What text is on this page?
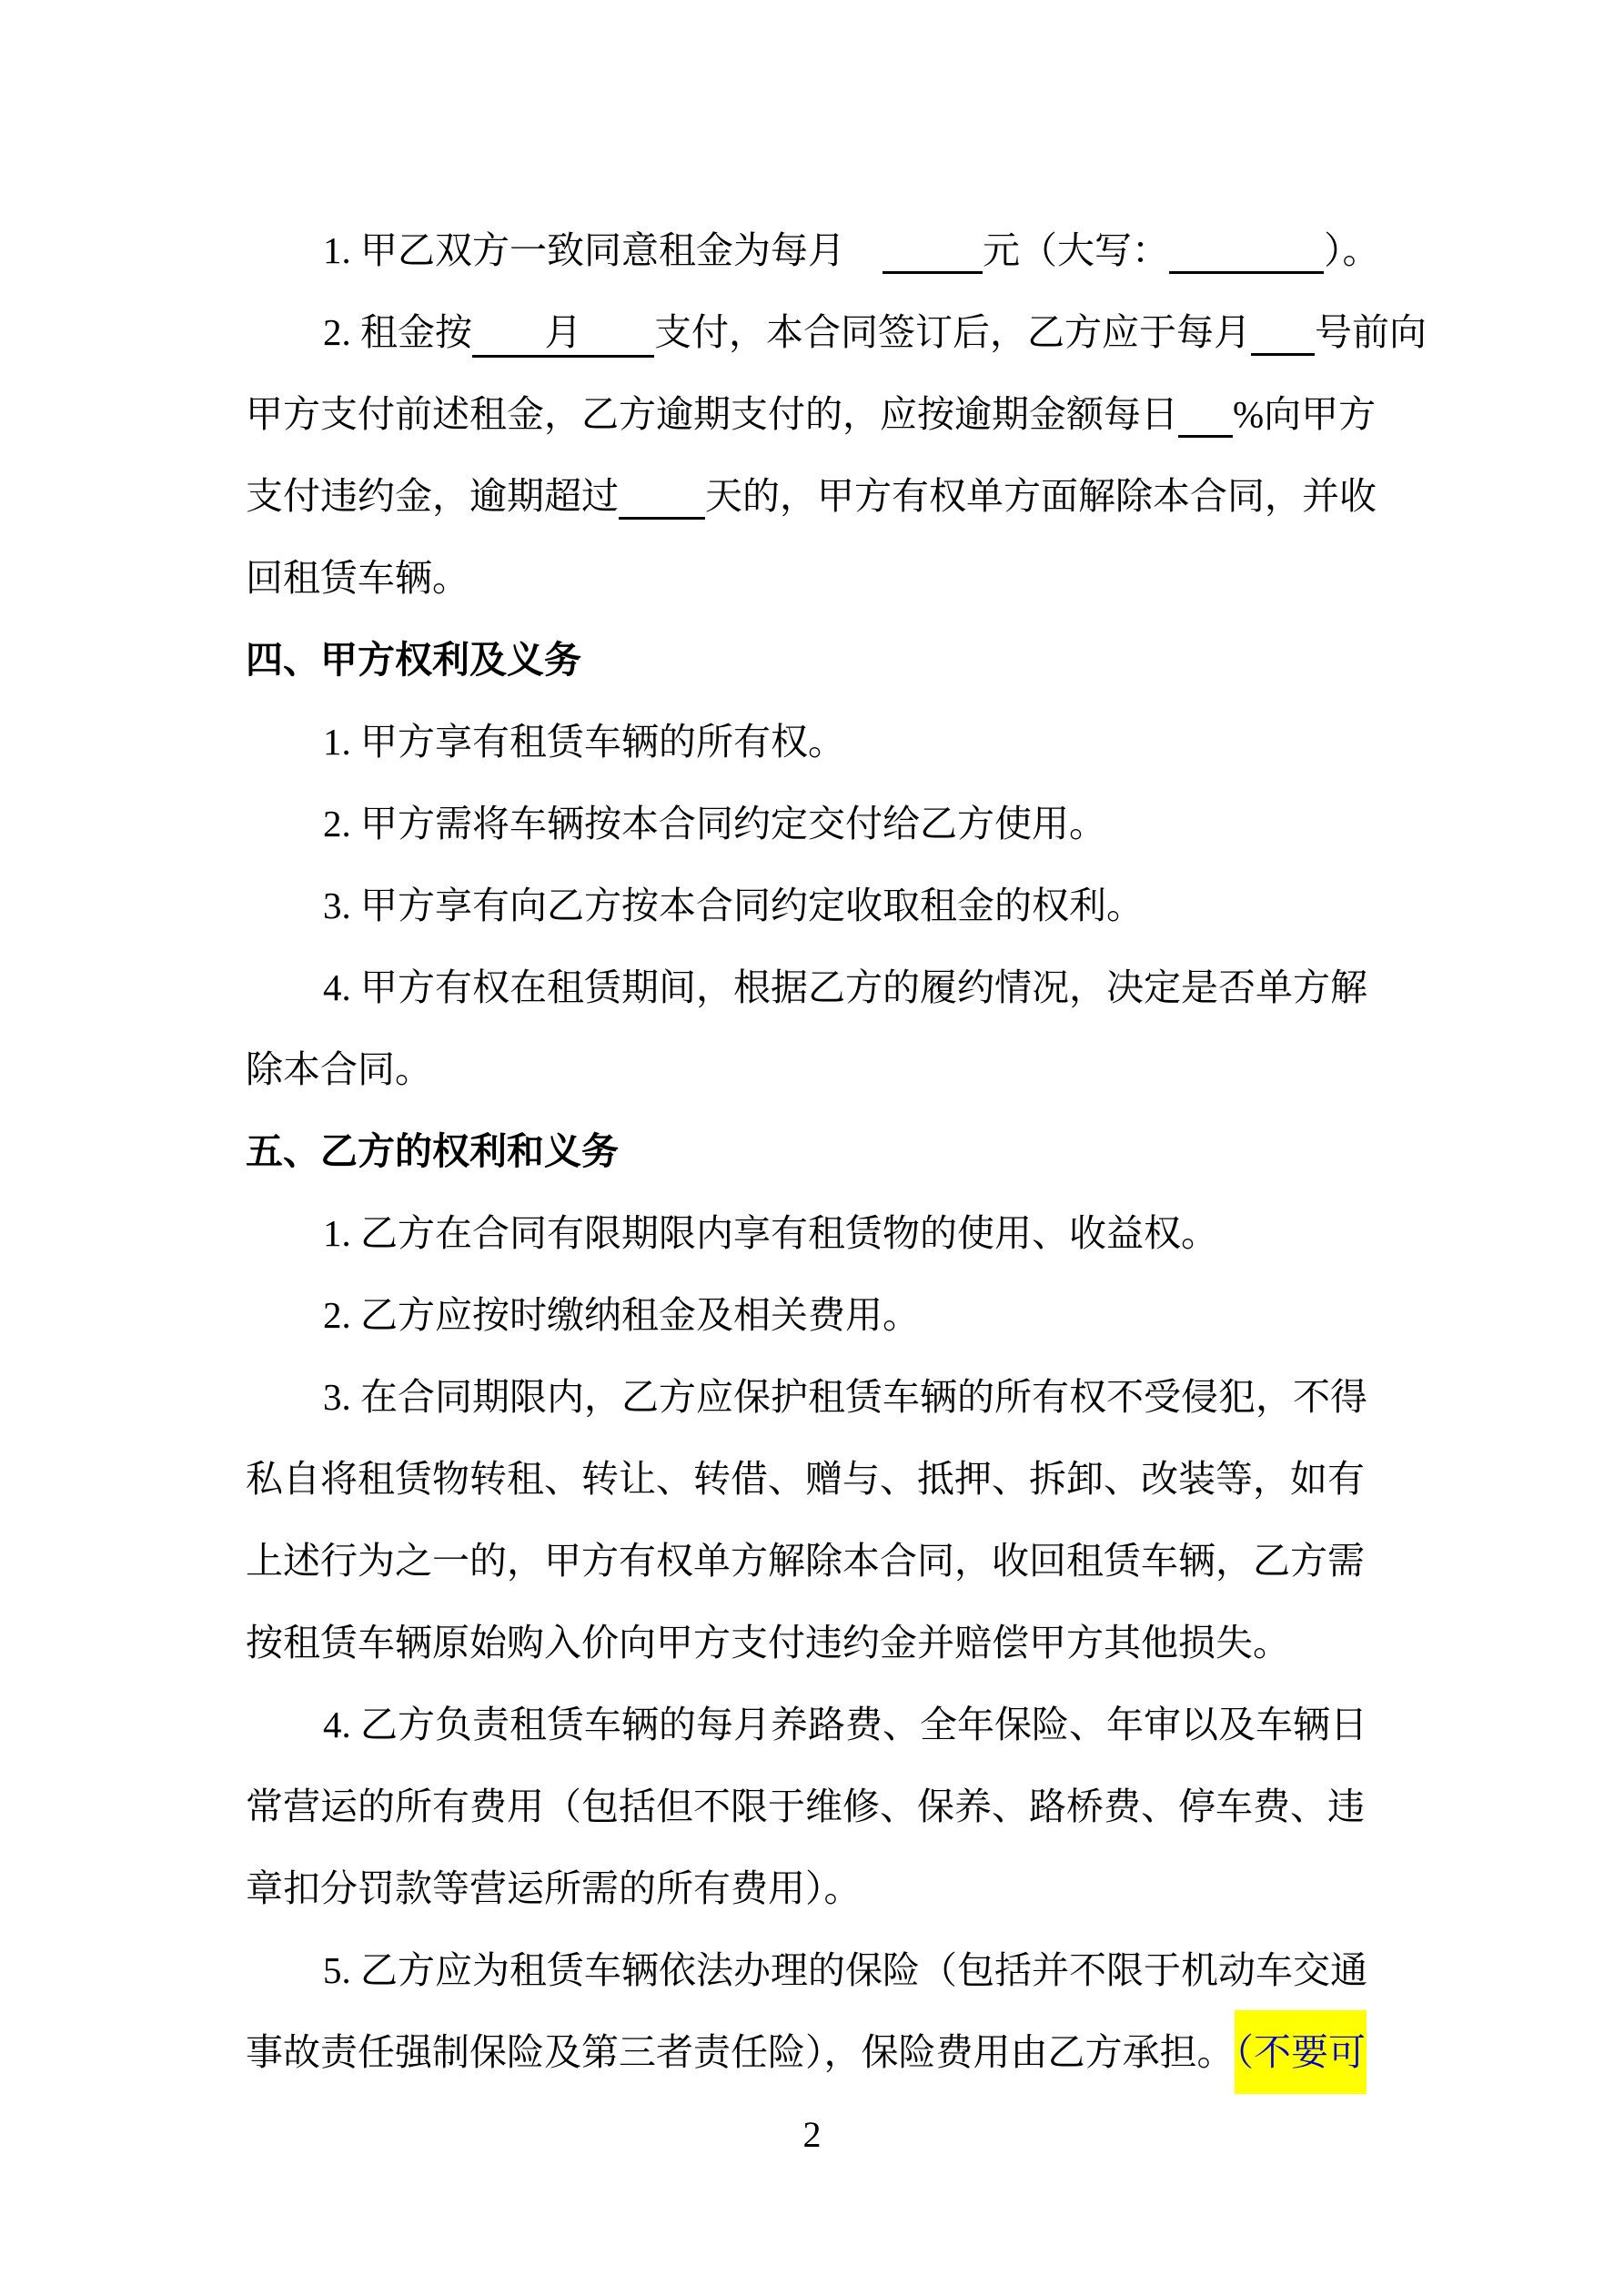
1. 甲乙双方一致同意租金为每月　	元（大写：	）。
2. 租金按 月 支付，本合同签订后，乙方应于每月 号前向
甲方支付前述租金，乙方逾期支付的，应按逾期金额每日 %向甲方
支付违约金，逾期超过 天的，甲方有权单方面解除本合同，并收
回租赁车辆。
四、甲方权利及义务
1. 甲方享有租赁车辆的所有权。
2. 甲方需将车辆按本合同约定交付给乙方使用。
3. 甲方享有向乙方按本合同约定收取租金的权利。
4. 甲方有权在租赁期间，根据乙方的履约情况，决定是否单方解
除本合同。
五、乙方的权利和义务
1. 乙方在合同有限期限内享有租赁物的使用、收益权。
2. 乙方应按时缴纳租金及相关费用。
3. 在合同期限内，乙方应保护租赁车辆的所有权不受侵犯，不得
私自将租赁物转租、转让、转借、赠与、抵押、拆卸、改装等，如有
上述行为之一的，甲方有权单方解除本合同，收回租赁车辆，乙方需
按租赁车辆原始购入价向甲方支付违约金并赔偿甲方其他损失。
4. 乙方负责租赁车辆的每月养路费、全年保险、年审以及车辆日
常营运的所有费用（包括但不限于维修、保养、路桥费、停车费、违
章扣分罚款等营运所需的所有费用）。
5. 乙方应为租赁车辆依法办理的保险（包括并不限于机动车交通
事故责任强制保险及第三者责任险），保险费用由乙方承担。（不要可
2
